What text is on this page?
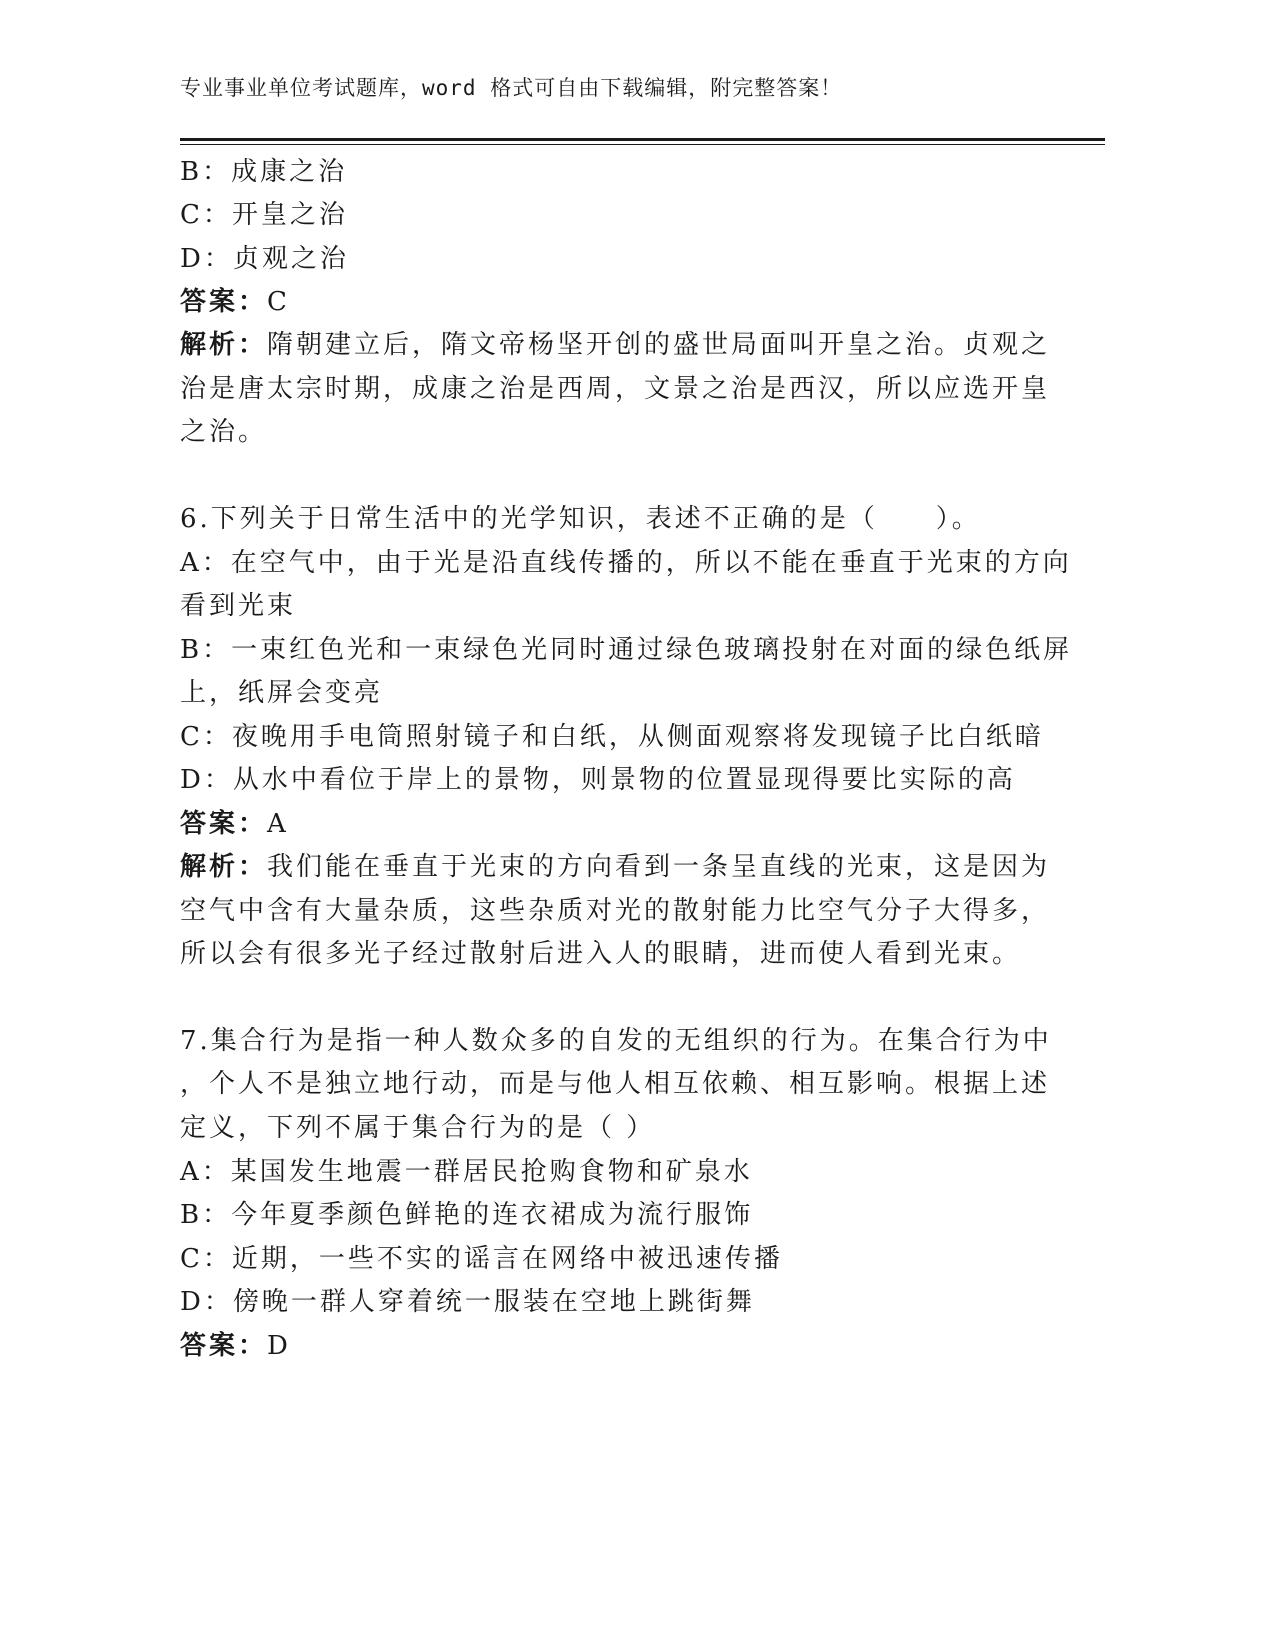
专业事业单位考试题库，word 格式可自由下载编辑，附完整答案！
B：成康之治
C：开皇之治
D：贞观之治
答案：C
解析：隋朝建立后，隋文帝杨坚开创的盛世局面叫开皇之治。贞观之
治是唐太宗时期，成康之治是西周，文景之治是西汉，所以应选开皇
之治。
6.下列关于日常生活中的光学知识，表述不正确的是（　　）。
A：在空气中，由于光是沿直线传播的，所以不能在垂直于光束的方向
看到光束
B：一束红色光和一束绿色光同时通过绿色玻璃投射在对面的绿色纸屏
上，纸屏会变亮
C：夜晚用手电筒照射镜子和白纸，从侧面观察将发现镜子比白纸暗
D：从水中看位于岸上的景物，则景物的位置显现得要比实际的高
答案：A
解析：我们能在垂直于光束的方向看到一条呈直线的光束，这是因为
空气中含有大量杂质，这些杂质对光的散射能力比空气分子大得多，
所以会有很多光子经过散射后进入人的眼睛，进而使人看到光束。
7.集合行为是指一种人数众多的自发的无组织的行为。在集合行为中
，个人不是独立地行动，而是与他人相互依赖、相互影响。根据上述
定义，下列不属于集合行为的是（ ）
A：某国发生地震一群居民抢购食物和矿泉水
B：今年夏季颜色鲜艳的连衣裙成为流行服饰
C：近期，一些不实的谣言在网络中被迅速传播
D：傍晚一群人穿着统一服装在空地上跳街舞
答案：D
